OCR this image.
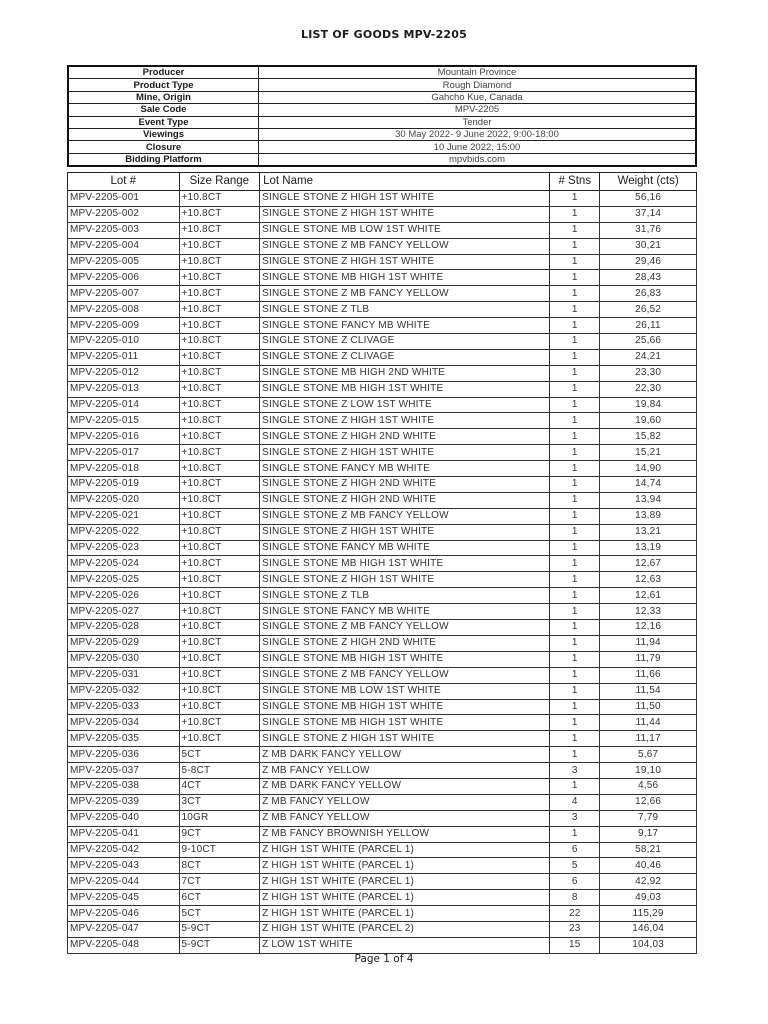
LIST OF GOODS MPV-2205
Producer	Mountain Province
Product Type	Rough Diamond
Mine, Origin	Gahcho Kue, Canada
Sale Code	MPV-2205
Event Type	Tender
Viewings	30 May 2022- 9 June 2022, 9:00-18:00
Closure	10 June 2022, 15:00
Bidding Platform	mpvbids.com
Lot #	Size Range	Lot Name	# Stns	Weight (cts)
MPV-2205-001	+10.8CT	SINGLE STONE Z HIGH 1ST WHITE	1	56,16
MPV-2205-002	+10.8CT	SINGLE STONE Z HIGH 1ST WHITE	1	37,14
MPV-2205-003	+10.8CT	SINGLE STONE MB LOW 1ST WHITE	1	31,76
MPV-2205-004	+10.8CT	SINGLE STONE Z MB FANCY YELLOW	1	30,21
MPV-2205-005	+10.8CT	SINGLE STONE Z HIGH 1ST WHITE	1	29,46
MPV-2205-006	+10.8CT	SINGLE STONE MB HIGH 1ST WHITE	1	28,43
MPV-2205-007	+10.8CT	SINGLE STONE Z MB FANCY YELLOW	1	26,83
MPV-2205-008	+10.8CT	SINGLE STONE Z TLB	1	26,52
MPV-2205-009	+10.8CT	SINGLE STONE FANCY MB WHITE	1	26,11
MPV-2205-010	+10.8CT	SINGLE STONE Z CLIVAGE	1	25,66
MPV-2205-011	+10.8CT	SINGLE STONE Z CLIVAGE	1	24,21
MPV-2205-012	+10.8CT	SINGLE STONE MB HIGH 2ND WHITE	1	23,30
MPV-2205-013	+10.8CT	SINGLE STONE MB HIGH 1ST WHITE	1	22,30
MPV-2205-014	+10.8CT	SINGLE STONE Z LOW 1ST WHITE	1	19,84
MPV-2205-015	+10.8CT	SINGLE STONE Z HIGH 1ST WHITE	1	19,60
MPV-2205-016	+10.8CT	SINGLE STONE Z HIGH 2ND WHITE	1	15,82
MPV-2205-017	+10.8CT	SINGLE STONE Z HIGH 1ST WHITE	1	15,21
MPV-2205-018	+10.8CT	SINGLE STONE FANCY MB WHITE	1	14,90
MPV-2205-019	+10.8CT	SINGLE STONE Z HIGH 2ND WHITE	1	14,74
MPV-2205-020	+10.8CT	SINGLE STONE Z HIGH 2ND WHITE	1	13,94
MPV-2205-021	+10.8CT	SINGLE STONE Z MB FANCY YELLOW	1	13,89
MPV-2205-022	+10.8CT	SINGLE STONE Z HIGH 1ST WHITE	1	13,21
MPV-2205-023	+10.8CT	SINGLE STONE FANCY MB WHITE	1	13,19
MPV-2205-024	+10.8CT	SINGLE STONE MB HIGH 1ST WHITE	1	12,67
MPV-2205-025	+10.8CT	SINGLE STONE Z HIGH 1ST WHITE	1	12,63
MPV-2205-026	+10.8CT	SINGLE STONE Z TLB	1	12,61
MPV-2205-027	+10.8CT	SINGLE STONE FANCY MB WHITE	1	12,33
MPV-2205-028	+10.8CT	SINGLE STONE Z MB FANCY YELLOW	1	12,16
MPV-2205-029	+10.8CT	SINGLE STONE Z HIGH 2ND WHITE	1	11,94
MPV-2205-030	+10.8CT	SINGLE STONE MB HIGH 1ST WHITE	1	11,79
MPV-2205-031	+10.8CT	SINGLE STONE Z MB FANCY YELLOW	1	11,66
MPV-2205-032	+10.8CT	SINGLE STONE MB LOW 1ST WHITE	1	11,54
MPV-2205-033	+10.8CT	SINGLE STONE MB HIGH 1ST WHITE	1	11,50
MPV-2205-034	+10.8CT	SINGLE STONE MB HIGH 1ST WHITE	1	11,44
MPV-2205-035	+10.8CT	SINGLE STONE Z HIGH 1ST WHITE	1	11,17
MPV-2205-036	5CT	Z MB DARK FANCY YELLOW	1	5,67
MPV-2205-037	5-8CT	Z MB FANCY YELLOW	3	19,10
MPV-2205-038	4CT	Z MB DARK FANCY YELLOW	1	4,56
MPV-2205-039	3CT	Z MB FANCY YELLOW	4	12,66
MPV-2205-040	10GR	Z MB FANCY YELLOW	3	7,79
MPV-2205-041	9CT	Z MB FANCY BROWNISH YELLOW	1	9,17
MPV-2205-042	9-10CT	Z HIGH 1ST WHITE (PARCEL 1)	6	58,21
MPV-2205-043	8CT	Z HIGH 1ST WHITE (PARCEL 1)	5	40,46
MPV-2205-044	7CT	Z HIGH 1ST WHITE (PARCEL 1)	6	42,92
MPV-2205-045	6CT	Z HIGH 1ST WHITE (PARCEL 1)	8	49,03
MPV-2205-046	5CT	Z HIGH 1ST WHITE (PARCEL 1)	22	115,29
MPV-2205-047	5-9CT	Z HIGH 1ST WHITE (PARCEL 2)	23	146,04
MPV-2205-048	5-9CT	Z LOW 1ST WHITE	15	104,03
Page 1 of 4
